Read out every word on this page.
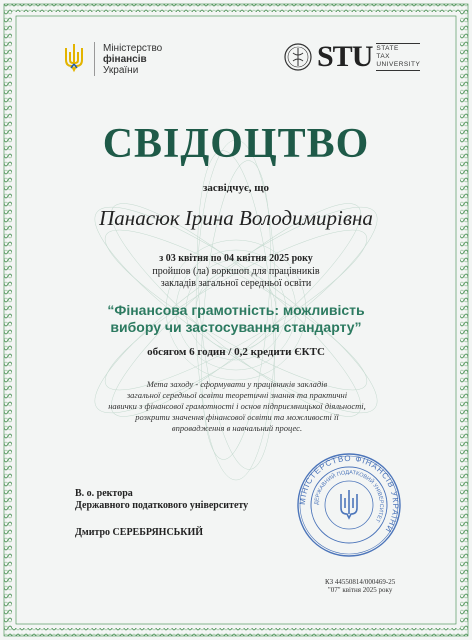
Міністерство
фінансів
України	STU STATE
TAX
UNIVERSITY
СВІДОЦТВО
засвідчує, що
Панасюк Ірина Володимирівна
з 03 квітня по 04 квітня 2025 року
пройшов (ла) воркшоп для працівників
закладів загальної середньої освіти
“Фінансова грамотність: можливість
вибору чи застосування стандарту”
обсягом 6 годин / 0,2 кредити ЄКТС
Мета заходу - сформувати у працівників закладів
загальної середньої освіти теоретичні знання та практичні
навички з фінансової грамотності і основ підприємницької діяльності,
розкрити значення фінансової освіти та можливості її
впровадження в навчальний процес.
МІНІСТЕРСТВО ФІНАНСІВ УКРАЇНИ
ДЕРЖАВНИЙ ПОДАТКОВИЙ УНІВЕРСИТЕТ
В. о. ректора
Державного податкового університету
Дмитро СЕРЕБРЯНСЬКИЙ
КЗ 44550814/000469-25
"07" квітня 2025 року
